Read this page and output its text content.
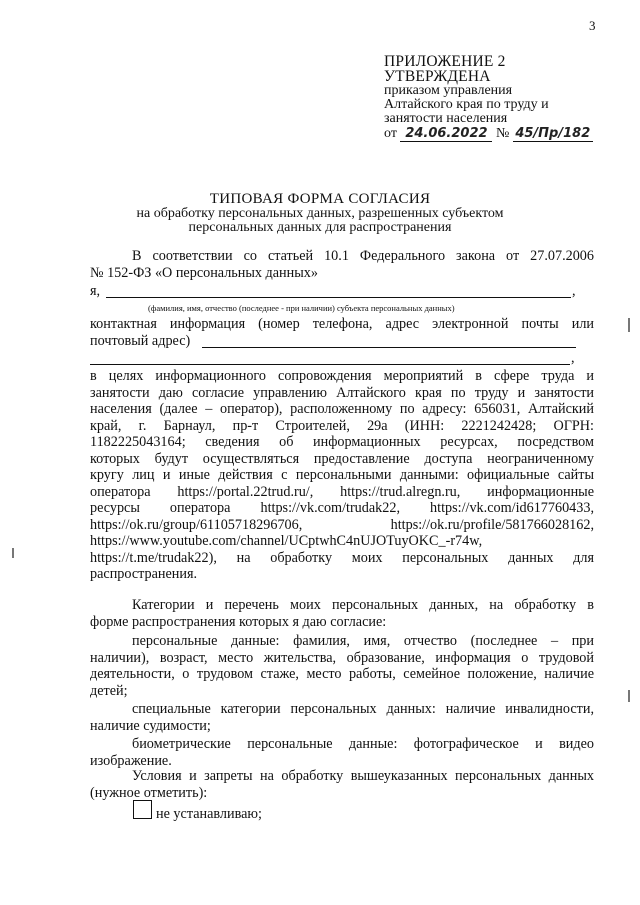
3
ПРИЛОЖЕНИЕ 2
УТВЕРЖДЕНА
приказом управления
Алтайского края по труду и
занятости населения
от 24.06.2022 № 45/Пр/182
ТИПОВАЯ ФОРМА СОГЛАСИЯ
на обработку персональных данных, разрешенных субъектом
персональных данных для распространения
В соответствии со статьей 10.1 Федерального закона от 27.07.2006
№ 152-ФЗ «О персональных данных»
я,	,
(фамилия, имя, отчество (последнее - при наличии) субъекта персональных данных)
контактная информация (номер телефона, адрес электронной почты или
почтовый адрес)
,
в целях информационного сопровождения мероприятий в сфере труда и
занятости даю согласие управлению Алтайского края по труду и занятости
населения (далее – оператор), расположенному по адресу: 656031, Алтайский
край, г. Барнаул, пр-т Строителей, 29а (ИНН: 2221242428; ОГРН:
1182225043164; сведения об информационных ресурсах, посредством
которых будут осуществляться предоставление доступа неограниченному
кругу лиц и иные действия с персональными данными: официальные сайты
оператора https://portal.22trud.ru/, https://trud.alregn.ru, информационные
ресурсы оператора https://vk.com/trudak22, https://vk.com/id617760433,
https://ok.ru/group/61105718296706, https://ok.ru/profile/581766028162,
https://www.youtube.com/channel/UCptwhC4nUJOTuyOKC_-r74w,
https://t.me/trudak22), на обработку моих персональных данных для
распространения.
Категории и перечень моих персональных данных, на обработку в
форме распространения которых я даю согласие:
персональные данные: фамилия, имя, отчество (последнее – при
наличии), возраст, место жительства, образование, информация о трудовой
деятельности, о трудовом стаже, место работы, семейное положение, наличие
детей;
специальные категории персональных данных: наличие инвалидности,
наличие судимости;
биометрические персональные данные: фотографическое и видео
изображение.
Условия и запреты на обработку вышеуказанных персональных данных
(нужное отметить):
не устанавливаю;
